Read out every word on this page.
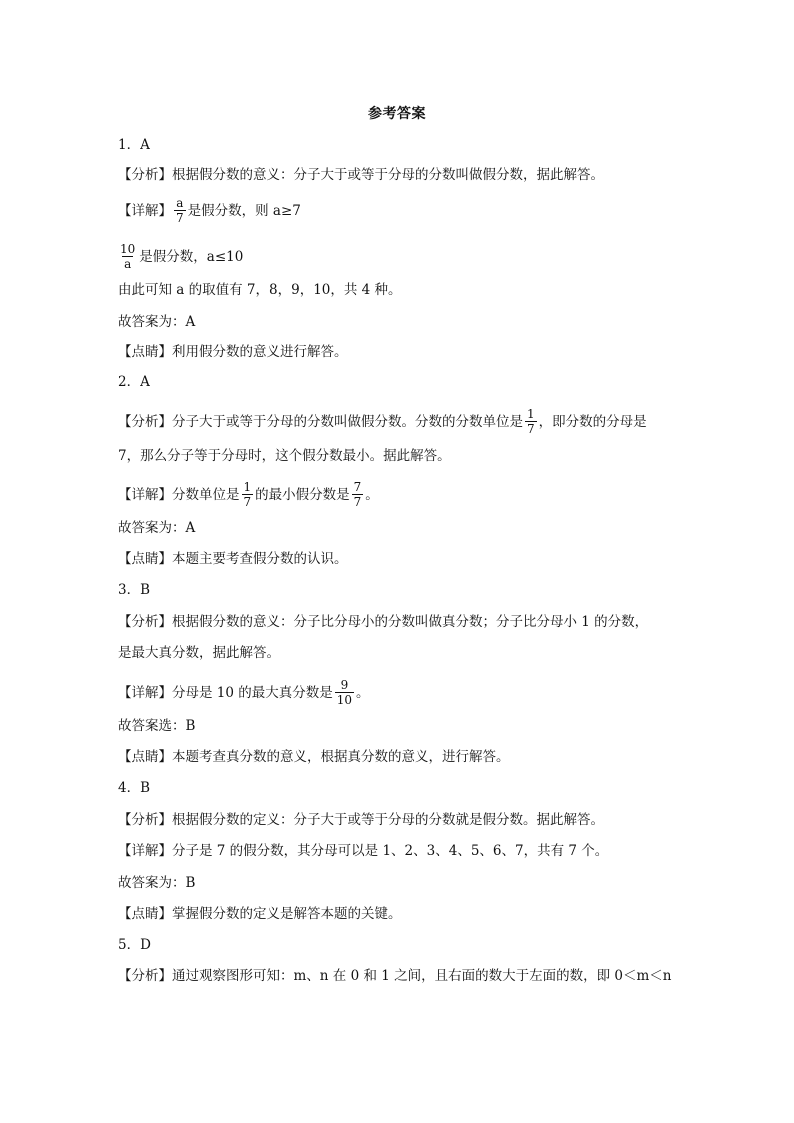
参考答案
1．A
【分析】根据假分数的意义：分子大于或等于分母的分数叫做假分数，据此解答。
【详解】 $\frac{a}{7}$ 是假分数，则 a≥7
$\frac{10}{a}$ 是假分数，a≤10
由此可知 a 的取值有 7，8，9，10，共 4 种。
故答案为：A
【点睛】利用假分数的意义进行解答。
2．A
【分析】分子大于或等于分母的分数叫做假分数。分数的分数单位是 $\frac{1}{7}$ ，即分数的分母是
7，那么分子等于分母时，这个假分数最小。据此解答。
【详解】分数单位是 $\frac{1}{7}$ 的最小假分数是 $\frac{7}{7}$ 。
故答案为：A
【点睛】本题主要考查假分数的认识。
3．B
【分析】根据假分数的意义：分子比分母小的分数叫做真分数；分子比分母小 1 的分数，
是最大真分数，据此解答。
【详解】分母是 10 的最大真分数是 $\frac{9}{10}$ 。
故答案选：B
【点睛】本题考查真分数的意义，根据真分数的意义，进行解答。
4．B
【分析】根据假分数的定义：分子大于或等于分母的分数就是假分数。据此解答。
【详解】分子是 7 的假分数，其分母可以是 1、2、3、4、5、6、7，共有 7 个。
故答案为：B
【点睛】掌握假分数的定义是解答本题的关键。
5．D
【分析】通过观察图形可知：m、n 在 0 和 1 之间，且右面的数大于左面的数，即 0＜m＜n
